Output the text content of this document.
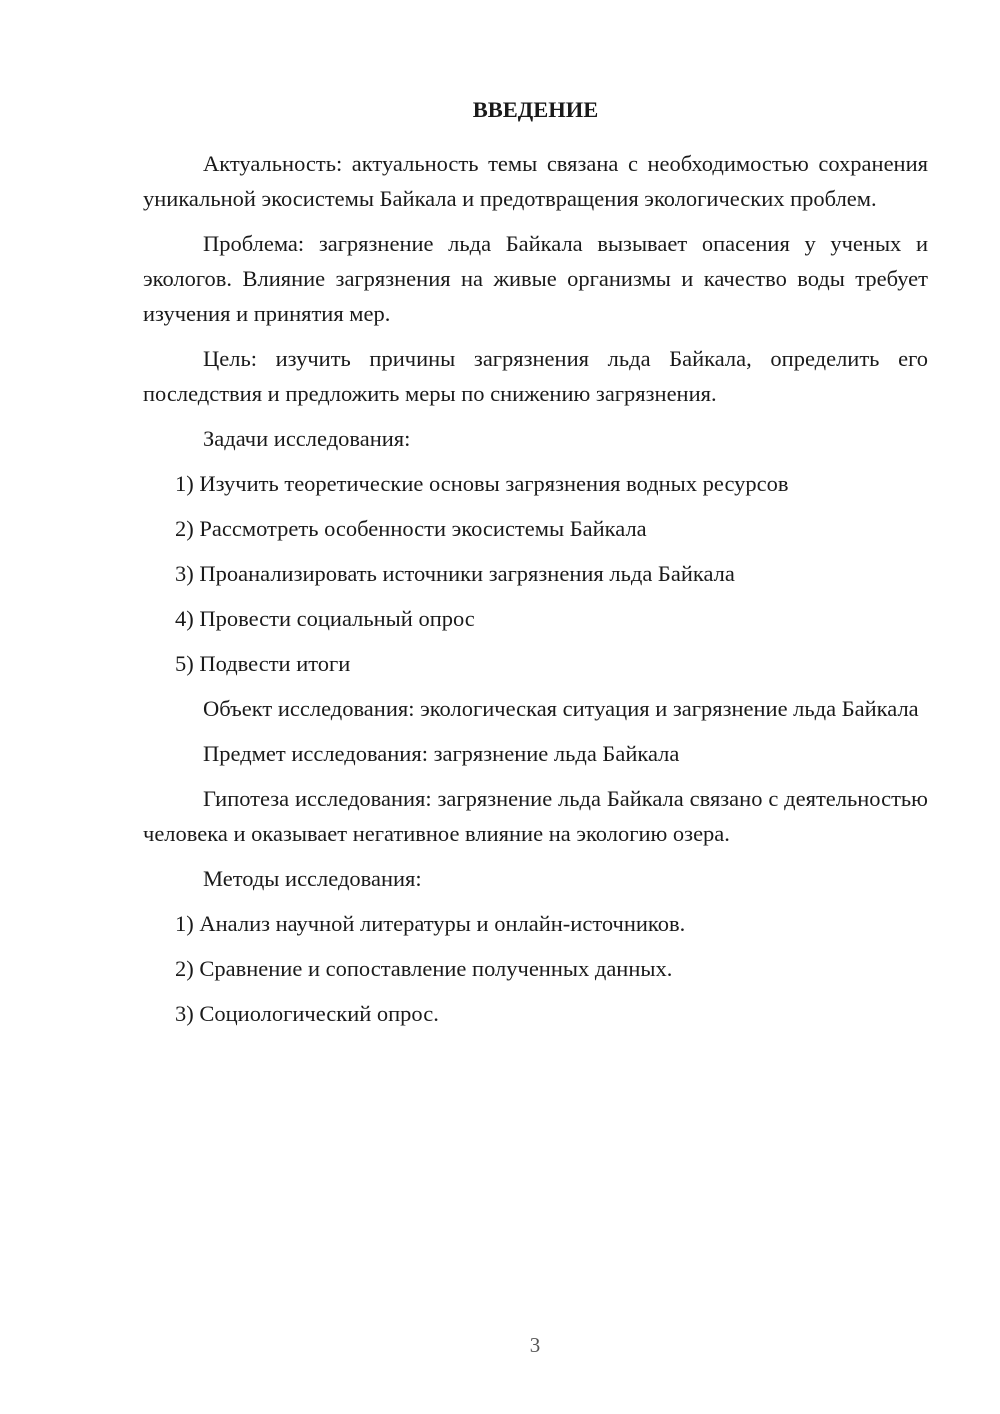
ВВЕДЕНИЕ

Актуальность: актуальность темы связана с необходимостью сохранения уникальной экосистемы Байкала и предотвращения экологических проблем.

Проблема: загрязнение льда Байкала вызывает опасения у ученых и экологов. Влияние загрязнения на живые организмы и качество воды требует изучения и принятия мер.

Цель: изучить причины загрязнения льда Байкала, определить его последствия и предложить меры по снижению загрязнения.

Задачи исследования:

1) Изучить теоретические основы загрязнения водных ресурсов
2) Рассмотреть особенности экосистемы Байкала
3) Проанализировать источники загрязнения льда Байкала
4) Провести социальный опрос
5) Подвести итоги

Объект исследования: экологическая ситуация и загрязнение льда Байкала

Предмет исследования: загрязнение льда Байкала

Гипотеза исследования: загрязнение льда Байкала связано с деятельностью человека и оказывает негативное влияние на экологию озера.

Методы исследования:

1) Анализ научной литературы и онлайн-источников.
2) Сравнение и сопоставление полученных данных.
3) Социологический опрос.
3
